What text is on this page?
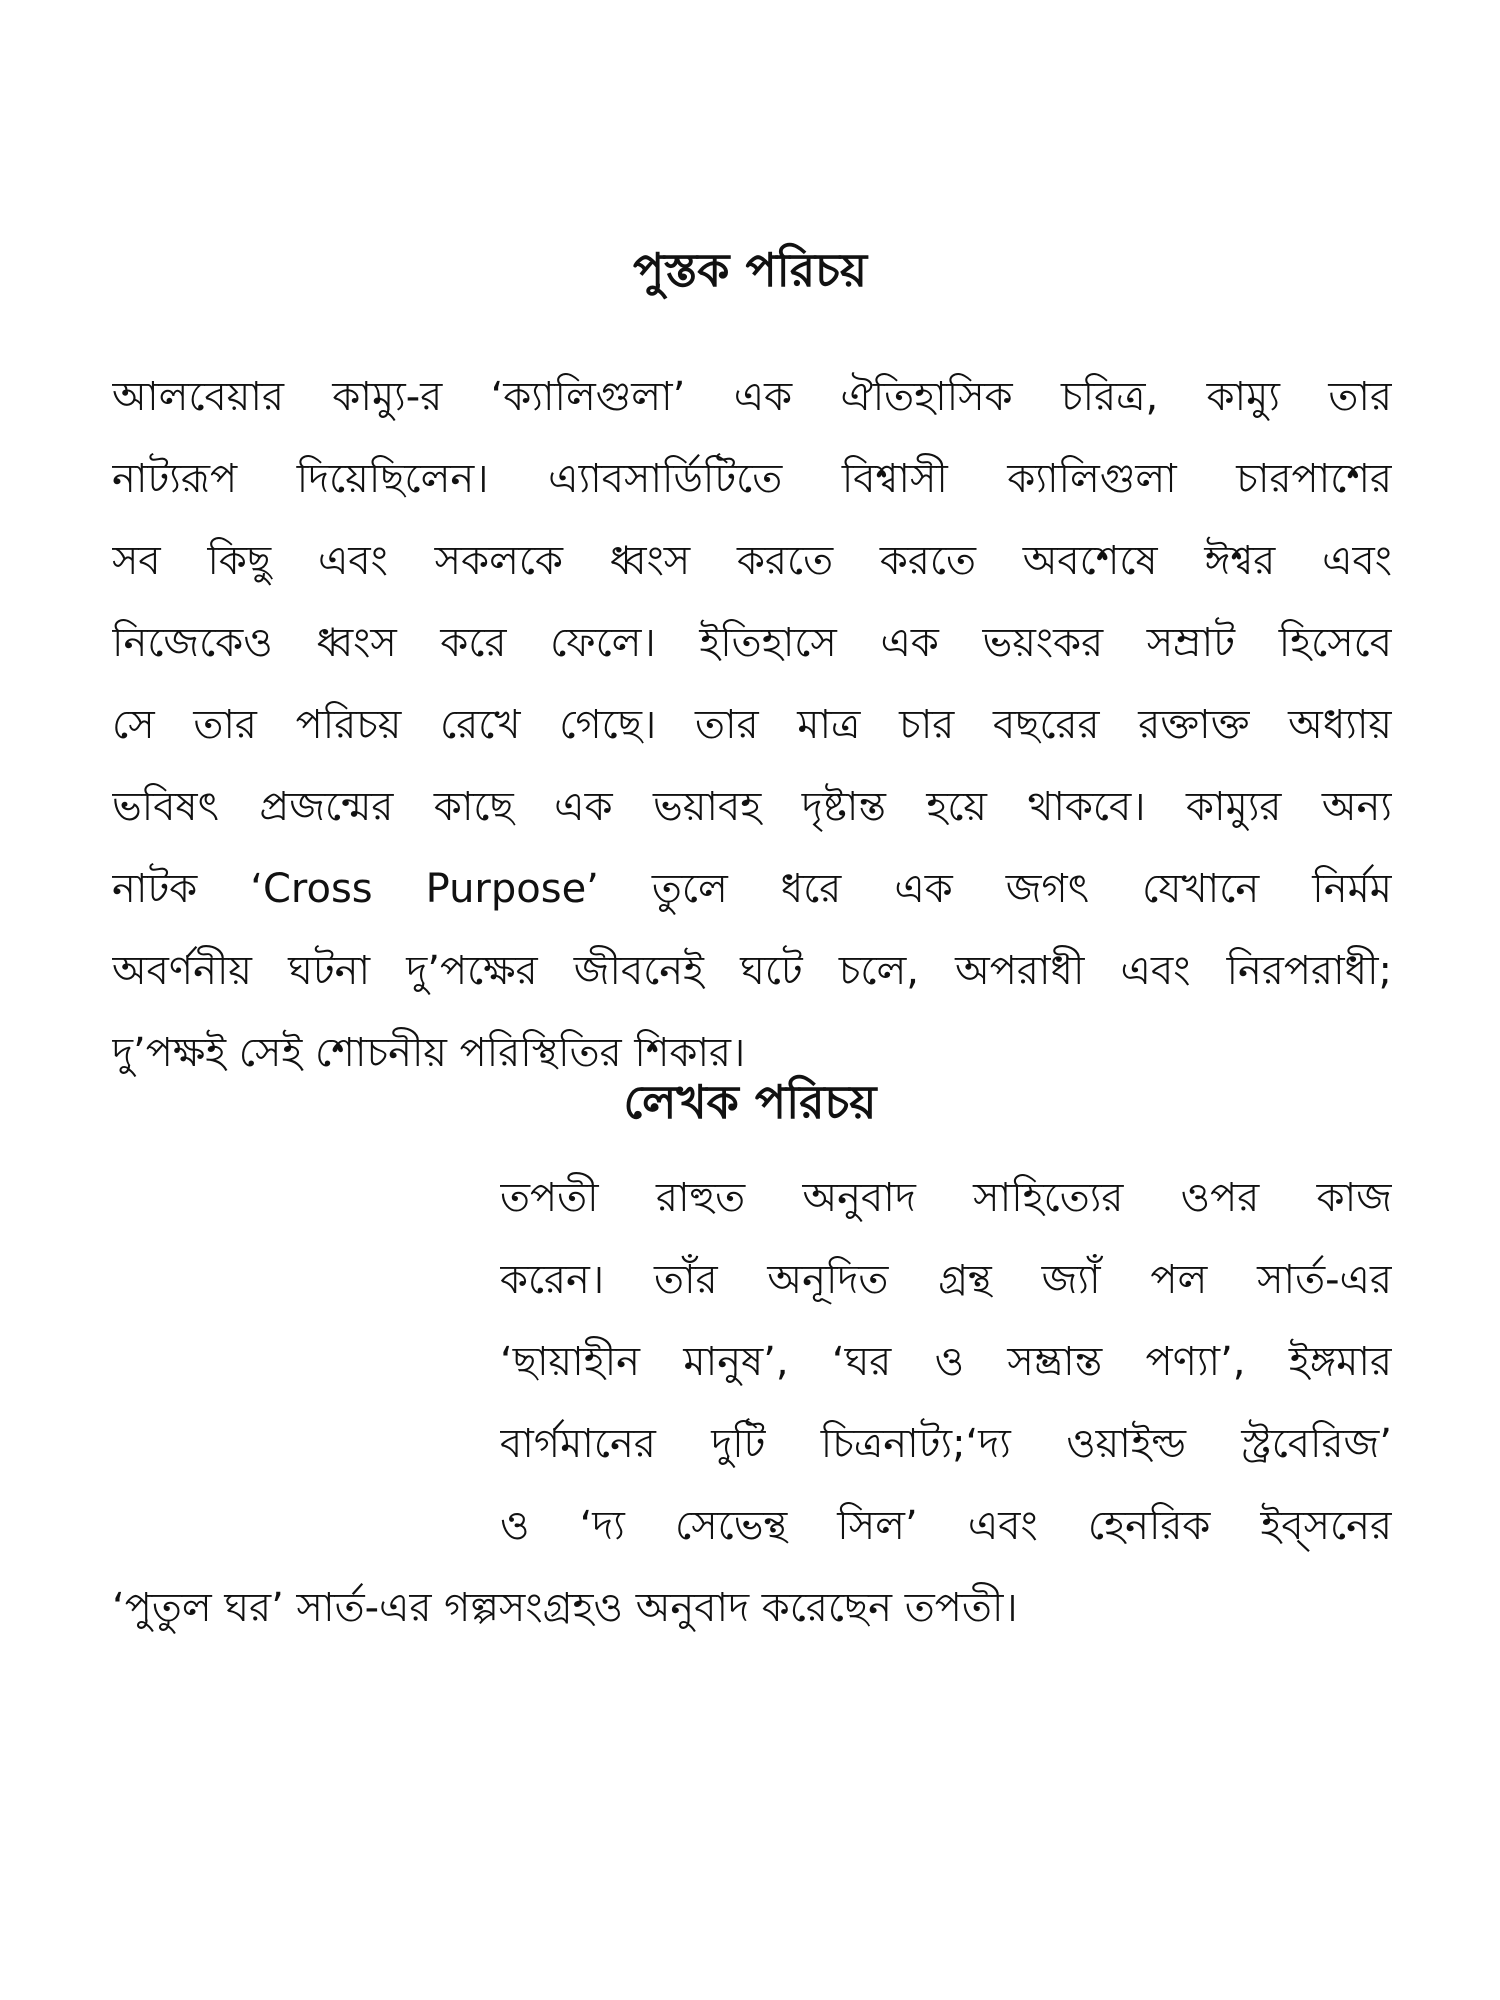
পুস্তক পরিচয়
আলবেয়ার কাম্যু-র ‘ক্যালিগুলা’ এক ঐতিহাসিক চরিত্র, কাম্যু তার
নাট্যরূপ দিয়েছিলেন। এ্যাবসার্ডিটিতে বিশ্বাসী ক্যালিগুলা চারপাশের
সব কিছু এবং সকলকে ধ্বংস করতে করতে অবশেষে ঈশ্বর এবং
নিজেকেও ধ্বংস করে ফেলে। ইতিহাসে এক ভয়ংকর সম্রাট হিসেবে
সে তার পরিচয় রেখে গেছে। তার মাত্র চার বছরের রক্তাক্ত অধ্যায়
ভবিষৎ প্রজন্মের কাছে এক ভয়াবহ দৃষ্টান্ত হয়ে থাকবে। কাম্যুর অন্য
নাটক ‘Cross Purpose’ তুলে ধরে এক জগৎ যেখানে নির্মম
অবর্ণনীয় ঘটনা দু’পক্ষের জীবনেই ঘটে চলে, অপরাধী এবং নিরপরাধী;
দু’পক্ষই সেই শোচনীয় পরিস্থিতির শিকার।
লেখক পরিচয়
তপতী রাহুত অনুবাদ সাহিত্যের ওপর কাজ
করেন। তাঁর অনূদিত গ্রন্থ জ্যাঁ পল সার্ত-এর
‘ছায়াহীন মানুষ’, ‘ঘর ও সম্ভ্রান্ত পণ্যা’, ইঙ্গমার
বার্গমানের দুটি চিত্রনাট্য;‘দ্য ওয়াইল্ড স্ট্রবেরিজ’
ও ‘দ্য সেভেন্থ সিল’ এবং হেনরিক ইব্‌সনের
‘পুতুল ঘর’ সার্ত-এর গল্পসংগ্রহও অনুবাদ করেছেন তপতী।
